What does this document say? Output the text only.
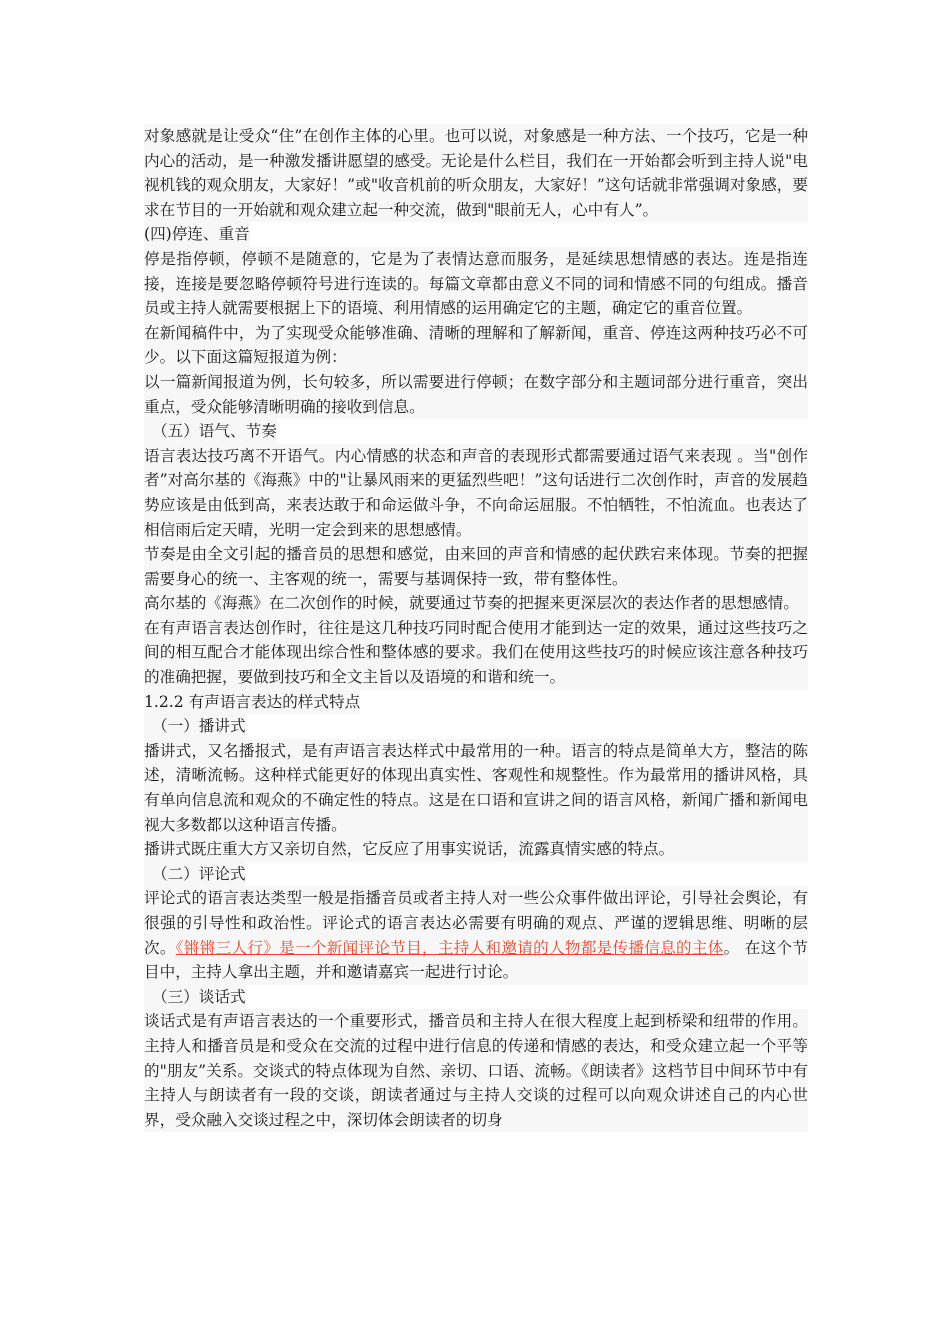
对象感就是让受众“住”在创作主体的心里。也可以说，对象感是一种方法、一个技巧，它是一种内心的活动，是一种激发播讲愿望的感受。无论是什么栏目，我们在一开始都会听到主持人说"电视机钱的观众朋友，大家好！”或"收音机前的听众朋友，大家好！”这句话就非常强调对象感，要求在节目的一开始就和观众建立起一种交流，做到"眼前无人，心中有人”。

(四)停连、重音

停是指停顿，停顿不是随意的，它是为了表情达意而服务，是延续思想情感的表达。连是指连接，连接是要忽略停顿符号进行连读的。每篇文章都由意义不同的词和情感不同的句组成。播音员或主持人就需要根据上下的语境、利用情感的运用确定它的主题，确定它的重音位置。

在新闻稿件中，为了实现受众能够准确、清晰的理解和了解新闻，重音、停连这两种技巧必不可少。以下面这篇短报道为例：

以一篇新闻报道为例，长句较多，所以需要进行停顿；在数字部分和主题词部分进行重音，突出重点，受众能够清晰明确的接收到信息。

（五）语气、节奏

语言表达技巧离不开语气。内心情感的状态和声音的表现形式都需要通过语气来表现 。当"创作者”对高尔基的《海燕》中的"让暴风雨来的更猛烈些吧！”这句话进行二次创作时，声音的发展趋势应该是由低到高，来表达敢于和命运做斗争，不向命运屈服。不怕牺牲，不怕流血。也表达了相信雨后定天晴，光明一定会到来的思想感情。

节奏是由全文引起的播音员的思想和感觉，由来回的声音和情感的起伏跌宕来体现。节奏的把握需要身心的统一、主客观的统一，需要与基调保持一致，带有整体性。

高尔基的《海燕》在二次创作的时候，就要通过节奏的把握来更深层次的表达作者的思想感情。

在有声语言表达创作时，往往是这几种技巧同时配合使用才能到达一定的效果，通过这些技巧之间的相互配合才能体现出综合性和整体感的要求。我们在使用这些技巧的时候应该注意各种技巧的准确把握，要做到技巧和全文主旨以及语境的和谐和统一。

1.2.2 有声语言表达的样式特点
（一）播讲式

播讲式，又名播报式，是有声语言表达样式中最常用的一种。语言的特点是简单大方，整洁的陈述，清晰流畅。这种样式能更好的体现出真实性、客观性和规整性。作为最常用的播讲风格，具有单向信息流和观众的不确定性的特点。这是在口语和宣讲之间的语言风格，新闻广播和新闻电视大多数都以这种语言传播。

播讲式既庄重大方又亲切自然，它反应了用事实说话，流露真情实感的特点。

（二）评论式

评论式的语言表达类型一般是指播音员或者主持人对一些公众事件做出评论，引导社会舆论，有很强的引导性和政治性。评论式的语言表达必需要有明确的观点、严谨的逻辑思维、明晰的层次。《锵锵三人行》是一个新闻评论节目，主持人和邀请的人物都是传播信息的主体。 在这个节目中，主持人拿出主题，并和邀请嘉宾一起进行讨论。

（三）谈话式

谈话式是有声语言表达的一个重要形式，播音员和主持人在很大程度上起到桥梁和纽带的作用。主持人和播音员是和受众在交流的过程中进行信息的传递和情感的表达，和受众建立起一个平等的"朋友”关系。交谈式的特点体现为自然、亲切、口语、流畅。《朗读者》这档节目中间环节中有主持人与朗读者有一段的交谈，朗读者通过与主持人交谈的过程可以向观众讲述自己的内心世界，受众融入交谈过程之中，深切体会朗读者的切身
